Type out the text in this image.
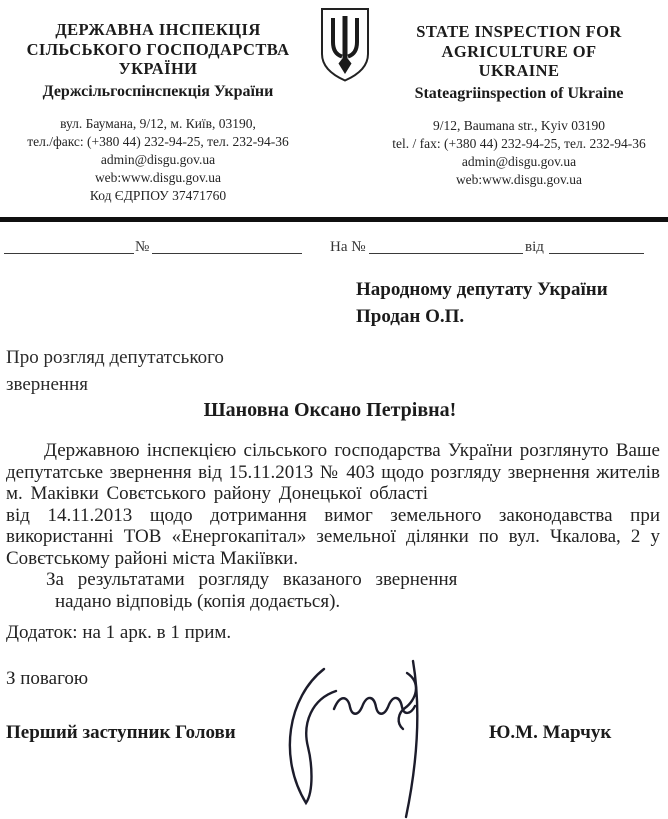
ДЕРЖАВНА ІНСПЕКЦІЯ
СІЛЬСЬКОГО ГОСПОДАРСТВА
УКРАЇНИ
Держсільгоспінспекція України
вул. Баумана, 9/12, м. Київ, 03190,
тел./факс: (+380 44) 232-94-25, тел. 232-94-36
admin@disgu.gov.ua
web:www.disgu.gov.ua
Код ЄДРПОУ 37471760
STATE INSPECTION FOR
AGRICULTURE OF
UKRAINE
Stateagriinspection of Ukraine
9/12, Baumana str., Kyiv 03190
tel. / fax: (+380 44) 232-94-25, тел. 232-94-36
admin@disgu.gov.ua
web:www.disgu.gov.ua
№	На №	від
Народному депутату України
Продан О.П.
Про розгляд депутатського
звернення
Шановна Оксано Петрівна!
Державною інспекцією сільського господарства України розглянуто Ваше
депутатське звернення від 15.11.2013 № 403 щодо розгляду звернення жителів
м. Маківки Совєтського району Донецької області
від 14.11.2013 щодо дотримання вимог земельного законодавства при
використанні ТОВ «Енергокапітал» земельної ділянки по вул. Чкалова, 2 у
Совєтському районі міста Макіївки.
За результатами розгляду вказаного звернення
надано відповідь (копія додається).
Додаток: на 1 арк. в 1 прим.
З повагою
Перший заступник Голови	Ю.М. Марчук
